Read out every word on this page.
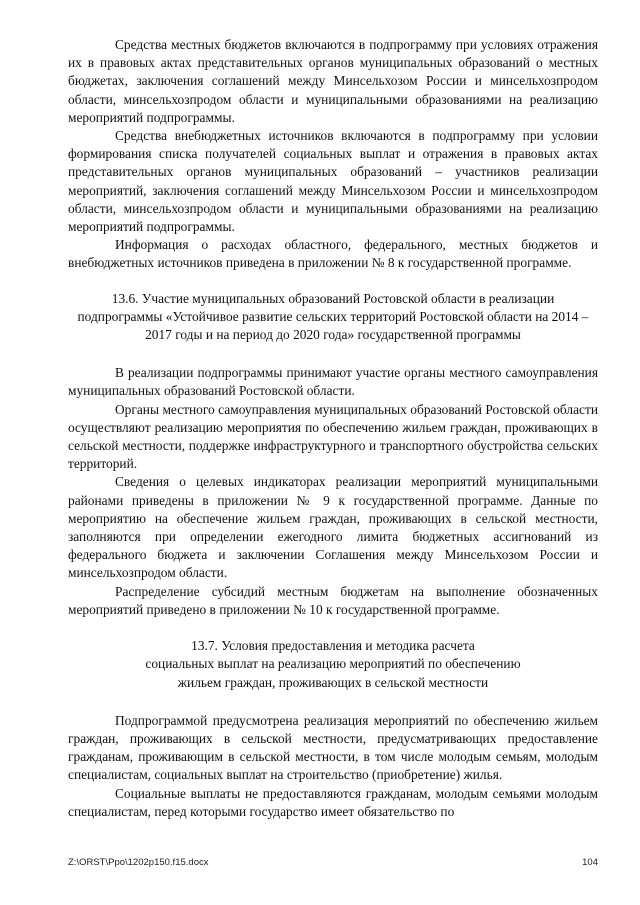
Средства местных бюджетов включаются в подпрограмму при условиях отражения их в правовых актах представительных органов муниципальных образований о местных бюджетах, заключения соглашений между Минсельхозом России и минсельхозпродом области, минсельхозпродом области и муниципальными образованиями на реализацию мероприятий подпрограммы.

Средства внебюджетных источников включаются в подпрограмму при условии формирования списка получателей социальных выплат и отражения в правовых актах представительных органов муниципальных образований – участников реализации мероприятий, заключения соглашений между Минсельхозом России и минсельхозпродом области, минсельхозпродом области и муниципальными образованиями на реализацию мероприятий подпрограммы.

Информация о расходах областного, федерального, местных бюджетов и внебюджетных источников приведена в приложении № 8 к государственной программе.

13.6. Участие муниципальных образований Ростовской области в реализации подпрограммы «Устойчивое развитие сельских территорий Ростовской области на 2014 – 2017 годы и на период до 2020 года» государственной программы

В реализации подпрограммы принимают участие органы местного самоуправления муниципальных образований Ростовской области.

Органы местного самоуправления муниципальных образований Ростовской области осуществляют реализацию мероприятия по обеспечению жильем граждан, проживающих в сельской местности, поддержке инфраструктурного и транспортного обустройства сельских территорий.

Сведения о целевых индикаторах реализации мероприятий муниципальными районами приведены в приложении № 9 к государственной программе. Данные по мероприятию на обеспечение жильем граждан, проживающих в сельской местности, заполняются при определении ежегодного лимита бюджетных ассигнований из федерального бюджета и заключении Соглашения между Минсельхозом России и минсельхозпродом области.

Распределение субсидий местным бюджетам на выполнение обозначенных мероприятий приведено в приложении № 10 к государственной программе.

13.7. Условия предоставления и методика расчета
социальных выплат на реализацию мероприятий по обеспечению
жильем граждан, проживающих в сельской местности

Подпрограммой предусмотрена реализация мероприятий по обеспечению жильем граждан, проживающих в сельской местности, предусматривающих предоставление гражданам, проживающим в сельской местности, в том числе молодым семьям, молодым специалистам, социальных выплат на строительство (приобретение) жилья.

Социальные выплаты не предоставляются гражданам, молодым семьями молодым специалистам, перед которыми государство имеет обязательство по

Z:\ORST\Ppo\1202p150.f15.docx	104
